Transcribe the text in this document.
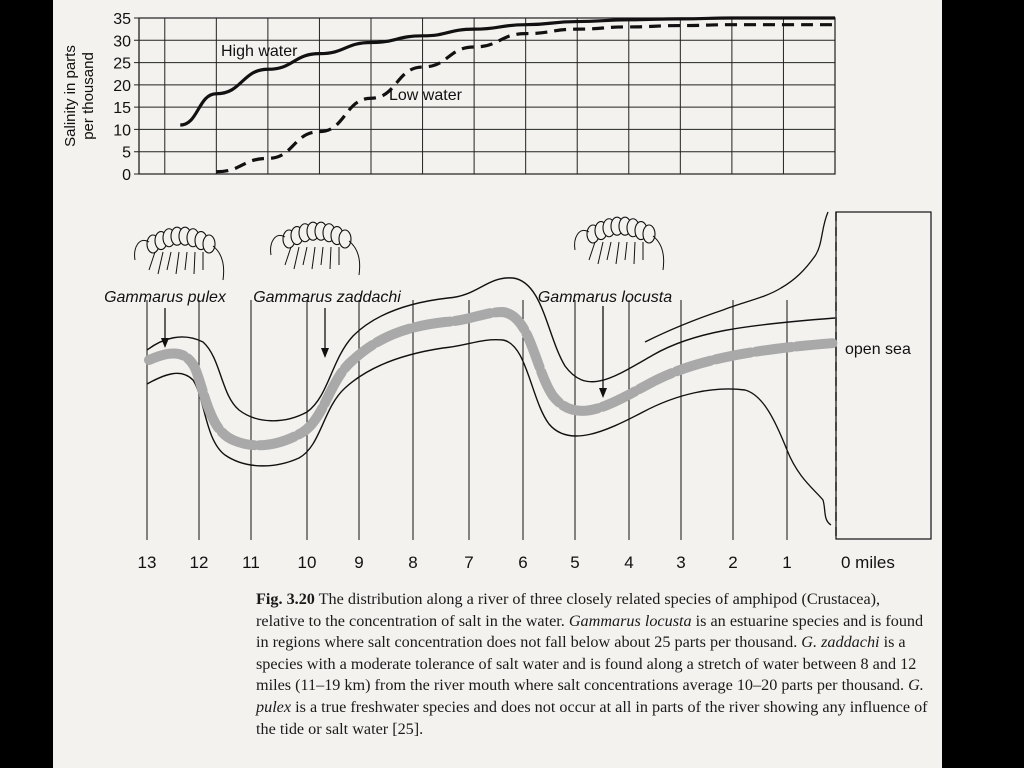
0
5
10
15
20
25
30
35
Salinity in parts per thousand
High water
Low water
13 12 11 10 9	8	7	6	5	4	3	2	1	0 miles
open sea
Gammarus pulex Gammarus zaddachi	Gammarus locusta
Fig. 3.20 The distribution along a river of three closely related species of amphipod (Crustacea), relative to the concentration of salt in the water. Gammarus locusta is an estuarine species and is found in regions where salt concentration does not fall below about 25 parts per thousand. G. zaddachi is a species with a moderate tolerance of salt water and is found along a stretch of water between 8 and 12 miles (11–19 km) from the river mouth where salt concentrations average 10–20 parts per thousand. G. pulex is a true freshwater species and does not occur at all in parts of the river showing any influence of the tide or salt water [25].
